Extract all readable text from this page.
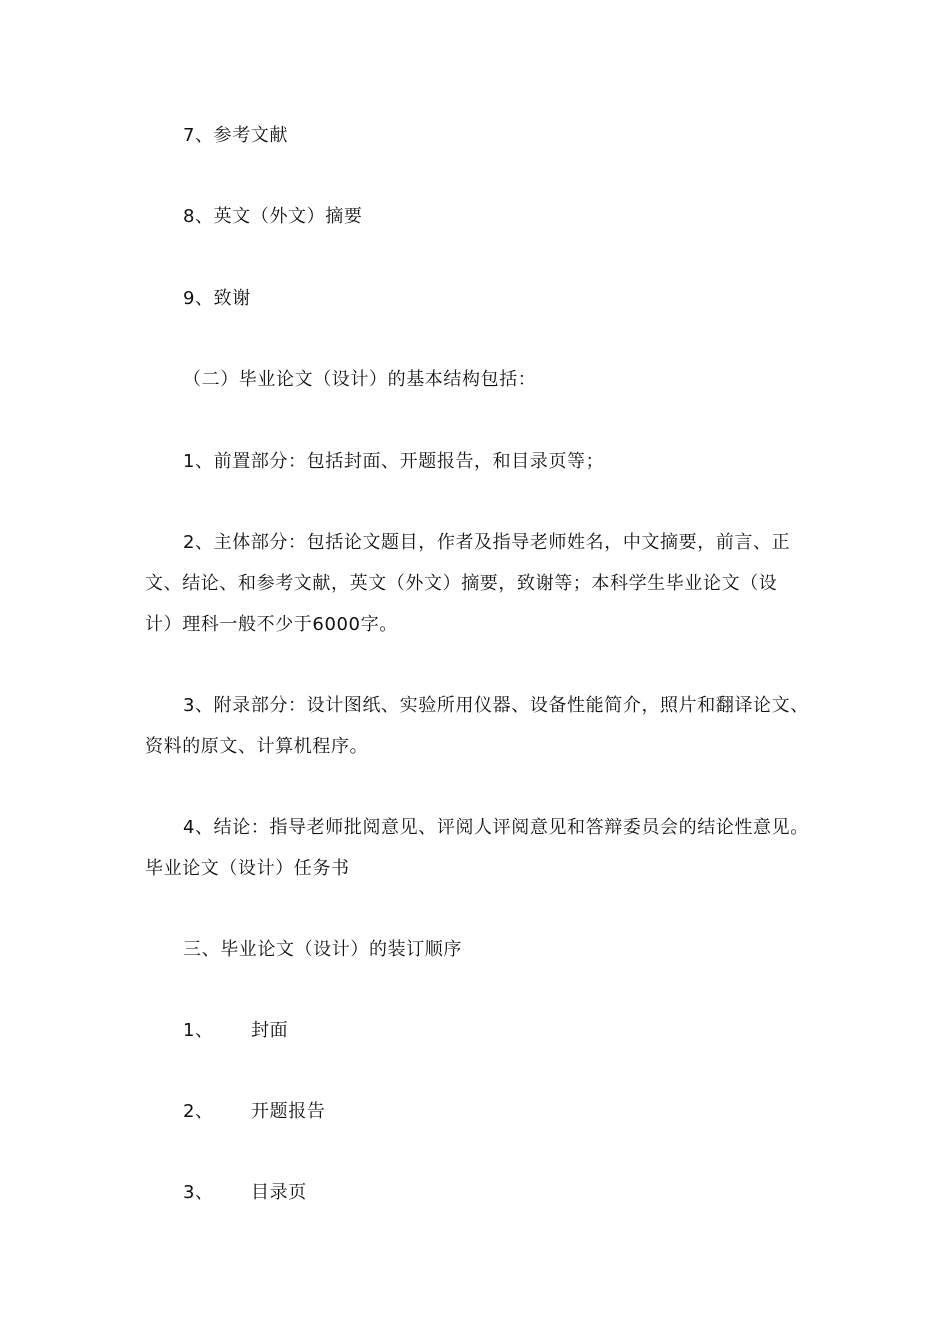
7、参考文献
8、英文（外文）摘要
9、致谢
（二）毕业论文（设计）的基本结构包括：
1、前置部分：包括封面、开题报告，和目录页等；
2、主体部分：包括论文题目，作者及指导老师姓名，中文摘要，前言、正
文、结论、和参考文献，英文（外文）摘要，致谢等；本科学生毕业论文（设
计）理科一般不少于6000字。
3、附录部分：设计图纸、实验所用仪器、设备性能简介，照片和翻译论文、
资料的原文、计算机程序。
4、结论：指导老师批阅意见、评阅人评阅意见和答辩委员会的结论性意见。
毕业论文（设计）任务书
三、毕业论文（设计）的装订顺序
1、 封面
2、 开题报告
3、 目录页
